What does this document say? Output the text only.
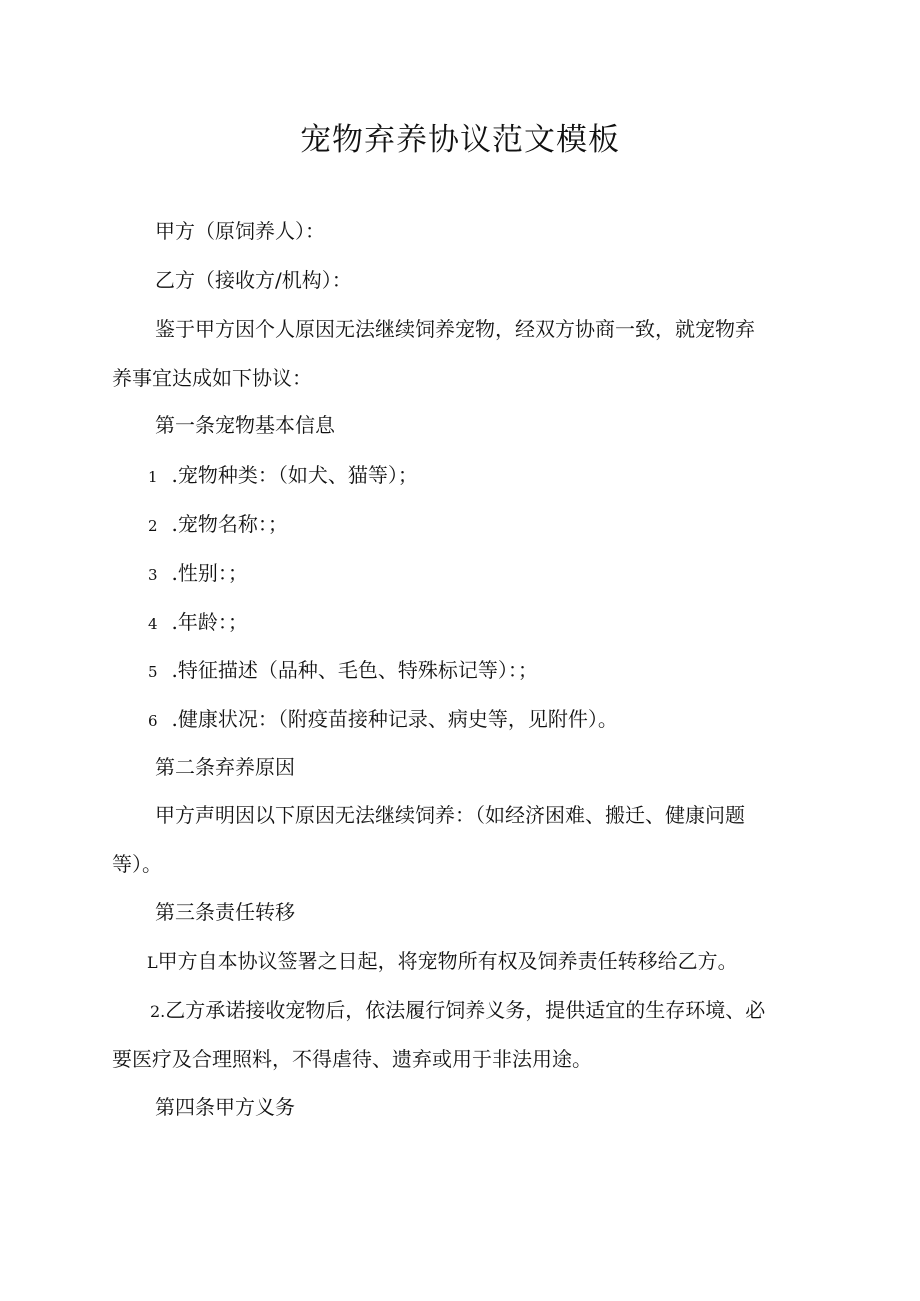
宠物弃养协议范文模板

甲方（原饲养人）：

乙方（接收方/机构）：

鉴于甲方因个人原因无法继续饲养宠物，经双方协商一致，就宠物弃

养事宜达成如下协议：

第一条宠物基本信息

1 .宠物种类：（如犬、猫等）；

2 .宠物名称：；

3 .性别：；

4 .年龄：；

5 .特征描述（品种、毛色、特殊标记等）：；

6 .健康状况：（附疫苗接种记录、病史等，见附件）。

第二条弃养原因

甲方声明因以下原因无法继续饲养：（如经济困难、搬迁、健康问题

等）。

第三条责任转移

L甲方自本协议签署之日起，将宠物所有权及饲养责任转移给乙方。

2.乙方承诺接收宠物后，依法履行饲养义务，提供适宜的生存环境、必

要医疗及合理照料，不得虐待、遗弃或用于非法用途。

第四条甲方义务
